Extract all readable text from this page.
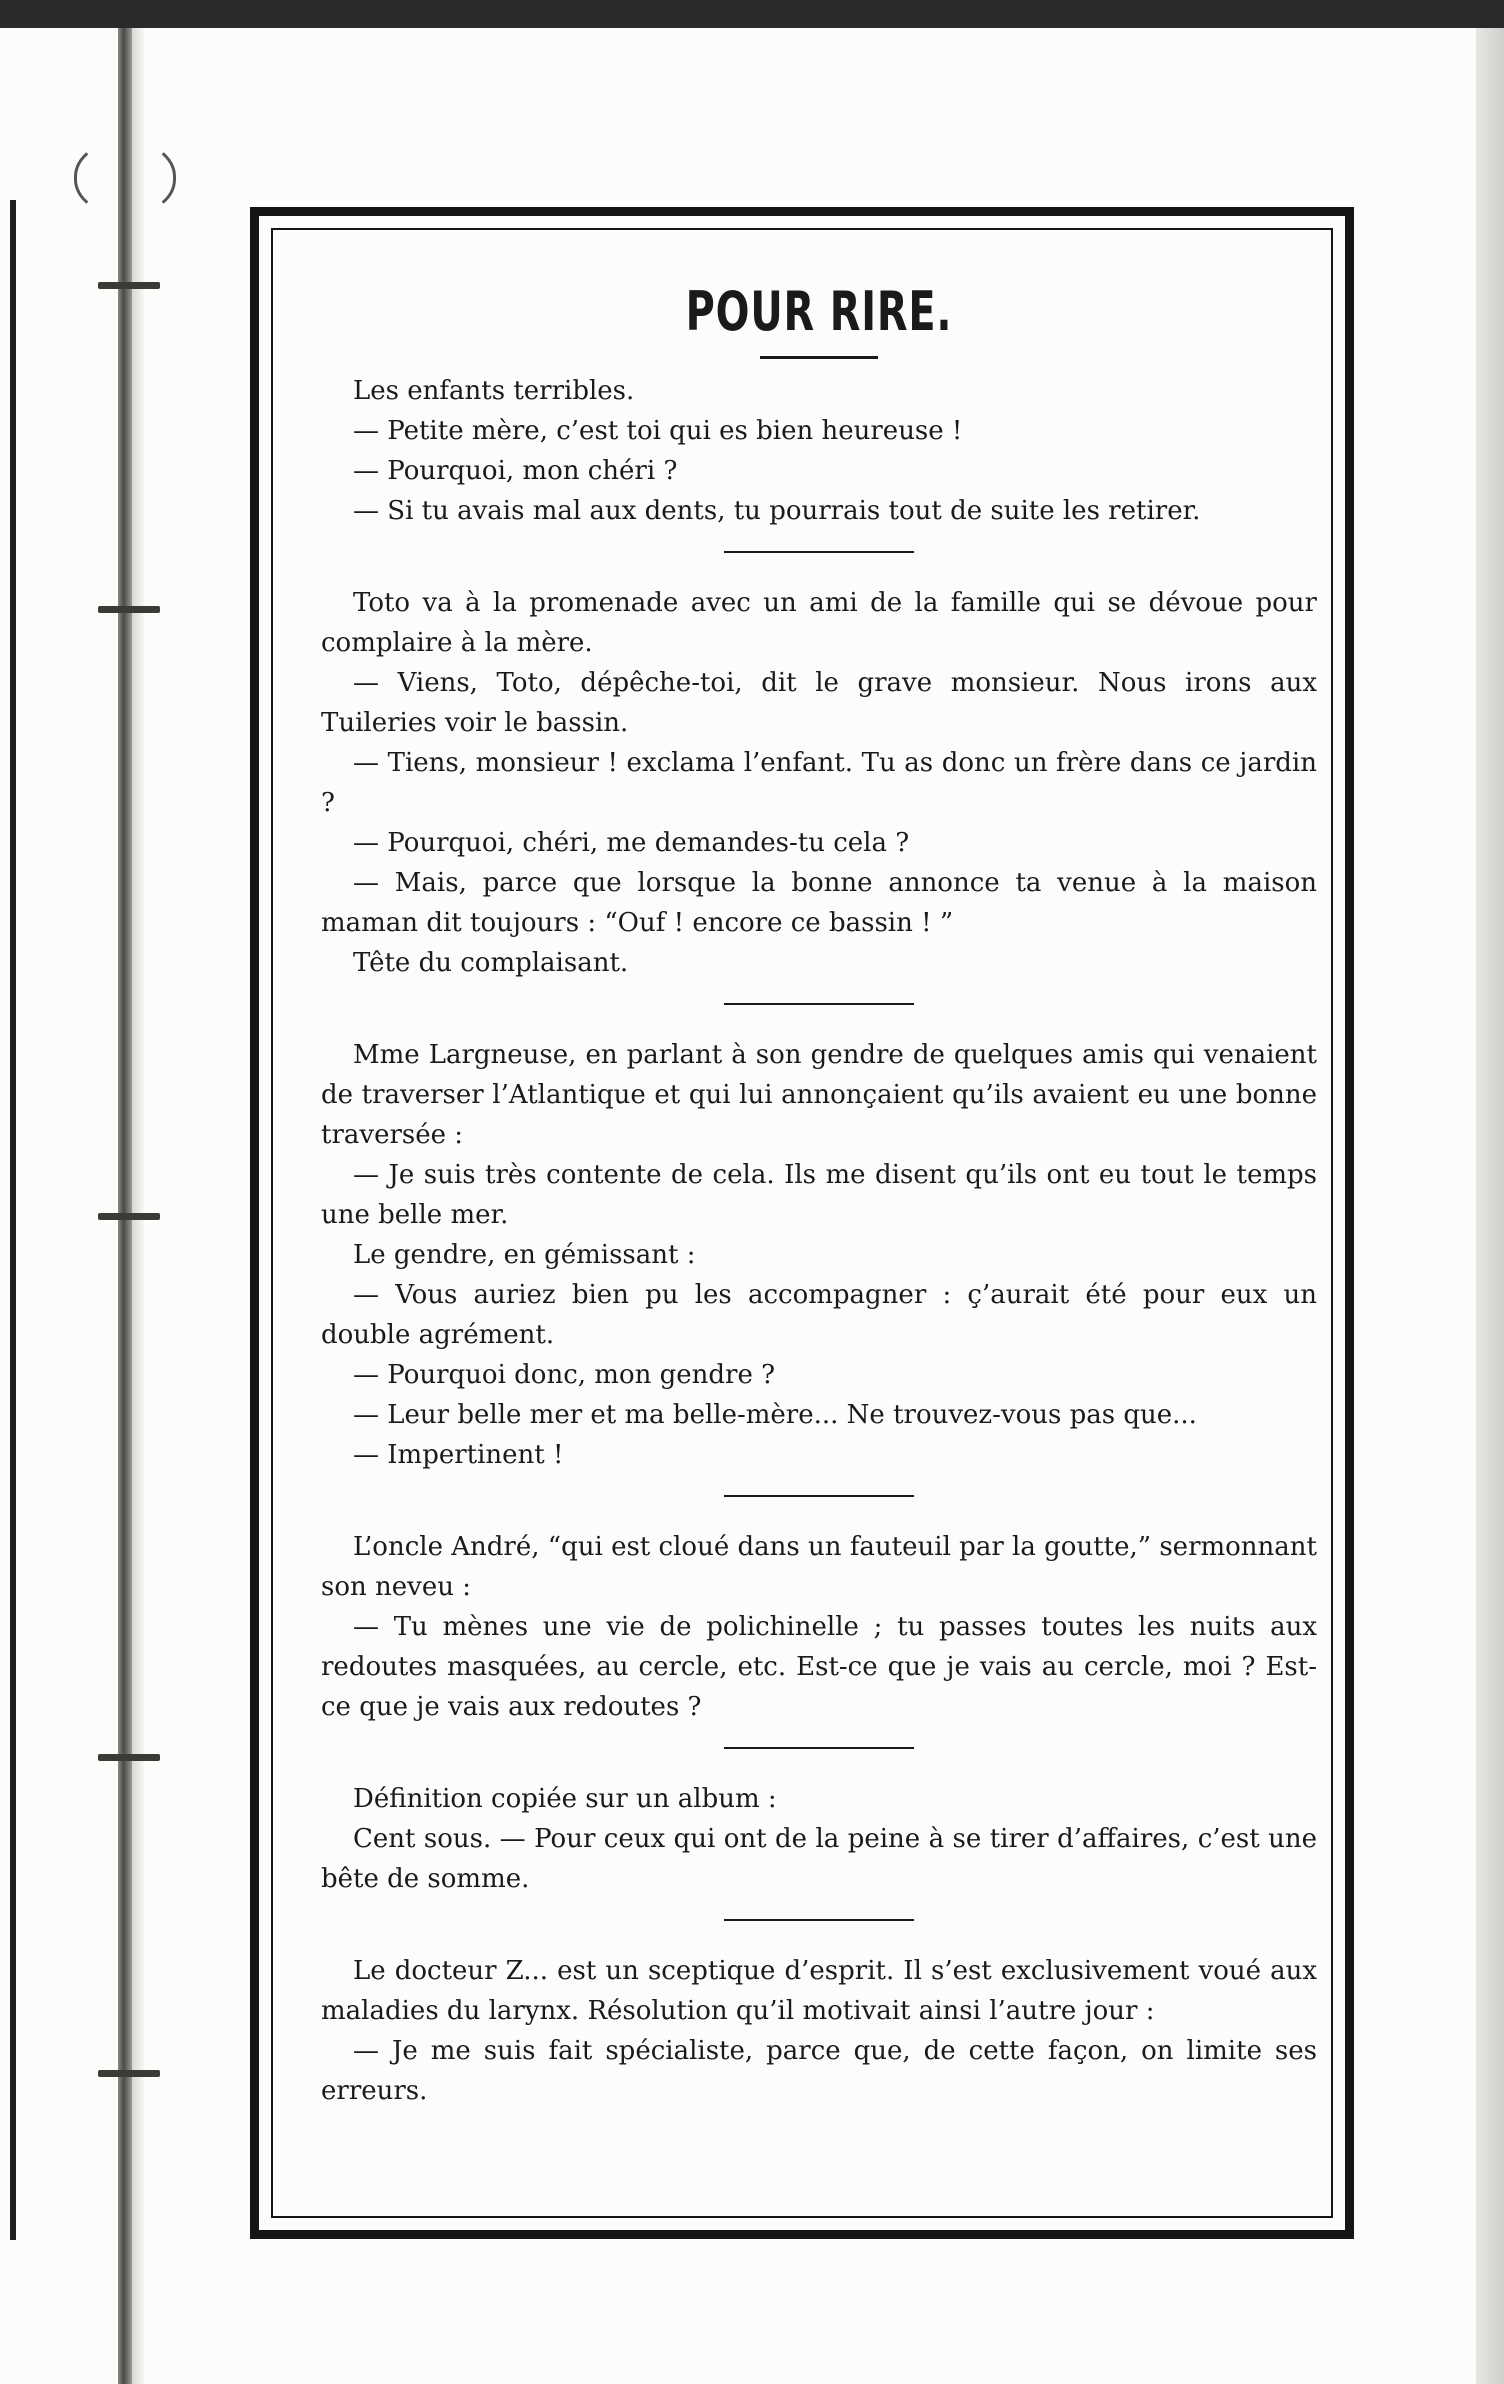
POUR RIRE.

Les enfants terribles.

— Petite mère, c’est toi qui es bien heureuse !

— Pourquoi, mon chéri ?

— Si tu avais mal aux dents, tu pourrais tout de suite les retirer.

Toto va à la promenade avec un ami de la famille qui se dévoue pour complaire à la mère.

— Viens, Toto, dépêche-toi, dit le grave monsieur. Nous irons aux Tuileries voir le bassin.

— Tiens, monsieur ! exclama l’enfant. Tu as donc un frère dans ce jardin ?

— Pourquoi, chéri, me demandes-tu cela ?

— Mais, parce que lorsque la bonne annonce ta venue à la maison maman dit toujours : “Ouf ! encore ce bassin ! ”

Tête du complaisant.

Mme Largneuse, en parlant à son gendre de quelques amis qui venaient de traverser l’Atlantique et qui lui annonçaient qu’ils avaient eu une bonne traversée :

— Je suis très contente de cela. Ils me disent qu’ils ont eu tout le temps une belle mer.

Le gendre, en gémissant :

— Vous auriez bien pu les accompagner : ç’aurait été pour eux un double agrément.

— Pourquoi donc, mon gendre ?

— Leur belle mer et ma belle-mère... Ne trouvez-vous pas que...

— Impertinent !

L’oncle André, “qui est cloué dans un fauteuil par la goutte,” sermonnant son neveu :

— Tu mènes une vie de polichinelle ; tu passes toutes les nuits aux redoutes masquées, au cercle, etc. Est-ce que je vais au cercle, moi ? Est-ce que je vais aux redoutes ?

Définition copiée sur un album :

Cent sous. — Pour ceux qui ont de la peine à se tirer d’affaires, c’est une bête de somme.

Le docteur Z... est un sceptique d’esprit. Il s’est exclusivement voué aux maladies du larynx. Résolution qu’il motivait ainsi l’autre jour :

— Je me suis fait spécialiste, parce que, de cette façon, on limite ses erreurs.
